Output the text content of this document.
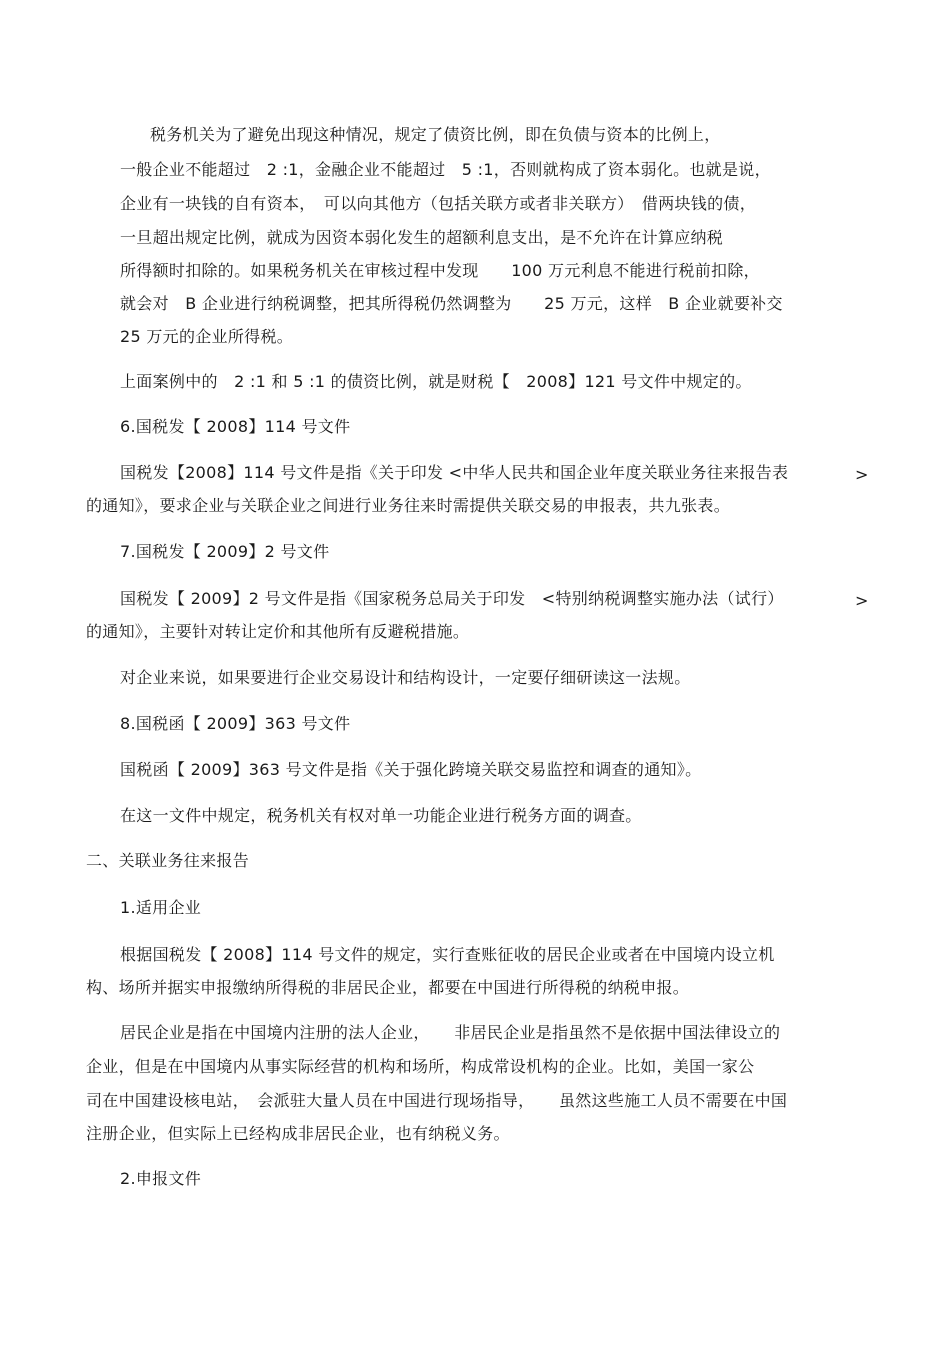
税务机关为了避免出现这种情况，规定了债资比例，即在负债与资本的比例上，
一般企业不能超过　2 :1，金融企业不能超过　5 :1，否则就构成了资本弱化。也就是说，
企业有一块钱的自有资本，　可以向其他方（包括关联方或者非关联方）　借两块钱的债，
一旦超出规定比例，就成为因资本弱化发生的超额利息支出，是不允许在计算应纳税
所得额时扣除的。如果税务机关在审核过程中发现　　100 万元利息不能进行税前扣除，
就会对　B 企业进行纳税调整，把其所得税仍然调整为　　25 万元，这样　B 企业就要补交
25 万元的企业所得税。
上面案例中的　2 :1 和 5 :1 的债资比例，就是财税【　2008】121 号文件中规定的。
6.国税发【 2008】114 号文件
国税发【2008】114 号文件是指《关于印发 <中华人民共和国企业年度关联业务往来报告表	>
的通知》，要求企业与关联企业之间进行业务往来时需提供关联交易的申报表，共九张表。
7.国税发【 2009】2 号文件
国税发【 2009】2 号文件是指《国家税务总局关于印发　<特别纳税调整实施办法（试行）	>
的通知》，主要针对转让定价和其他所有反避税措施。
对企业来说，如果要进行企业交易设计和结构设计，一定要仔细研读这一法规。
8.国税函【 2009】363 号文件
国税函【 2009】363 号文件是指《关于强化跨境关联交易监控和调查的通知》。
在这一文件中规定，税务机关有权对单一功能企业进行税务方面的调查。
二、关联业务往来报告
1.适用企业
根据国税发【 2008】114 号文件的规定，实行查账征收的居民企业或者在中国境内设立机
构、场所并据实申报缴纳所得税的非居民企业，都要在中国进行所得税的纳税申报。
居民企业是指在中国境内注册的法人企业，　　非居民企业是指虽然不是依据中国法律设立的
企业，但是在中国境内从事实际经营的机构和场所，构成常设机构的企业。比如，美国一家公
司在中国建设核电站，　会派驻大量人员在中国进行现场指导，　　虽然这些施工人员不需要在中国
注册企业，但实际上已经构成非居民企业，也有纳税义务。
2.申报文件
